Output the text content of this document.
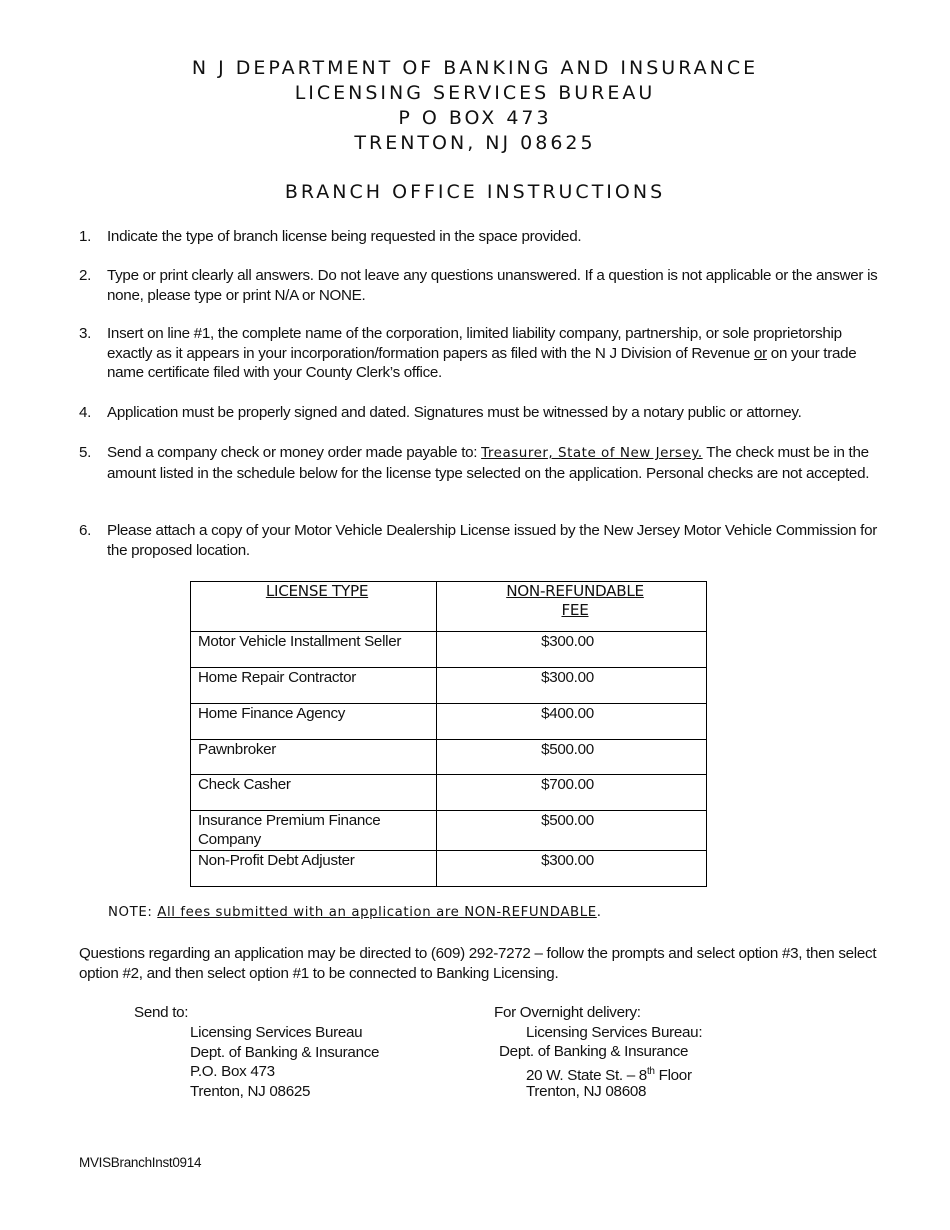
N J DEPARTMENT OF BANKING AND INSURANCE
LICENSING SERVICES BUREAU
P O BOX 473
TRENTON, NJ 08625
BRANCH OFFICE INSTRUCTIONS
1. Indicate the type of branch license being requested in the space provided.
2. Type or print clearly all answers. Do not leave any questions unanswered. If a question is not applicable or the answer is none, please type or print N/A or NONE.
3. Insert on line #1, the complete name of the corporation, limited liability company, partnership, or sole proprietorship exactly as it appears in your incorporation/formation papers as filed with the N J Division of Revenue or on your trade name certificate filed with your County Clerk’s office.
4. Application must be properly signed and dated. Signatures must be witnessed by a notary public or attorney.
5. Send a company check or money order made payable to: Treasurer, State of New Jersey. The check must be in the amount listed in the schedule below for the license type selected on the application. Personal checks are not accepted.
6. Please attach a copy of your Motor Vehicle Dealership License issued by the New Jersey Motor Vehicle Commission for the proposed location.
LICENSE TYPE	NON-REFUNDABLE
FEE

Motor Vehicle Installment Seller	$300.00
Home Repair Contractor	$300.00
Home Finance Agency	$400.00
Pawnbroker	$500.00
Check Casher	$700.00
Insurance Premium Finance Company	$500.00
Non-Profit Debt Adjuster	$300.00
NOTE: All fees submitted with an application are NON-REFUNDABLE.
Questions regarding an application may be directed to (609) 292-7272 – follow the prompts and select option #3, then select option #2, and then select option #1 to be connected to Banking Licensing.
Send to:
Licensing Services Bureau
Dept. of Banking & Insurance
P.O. Box 473
Trenton, NJ 08625
For Overnight delivery:
Licensing Services Bureau:
Dept. of Banking & Insurance
20 W. State St. – 8th Floor
Trenton, NJ 08608
MVISBranchInst0914
